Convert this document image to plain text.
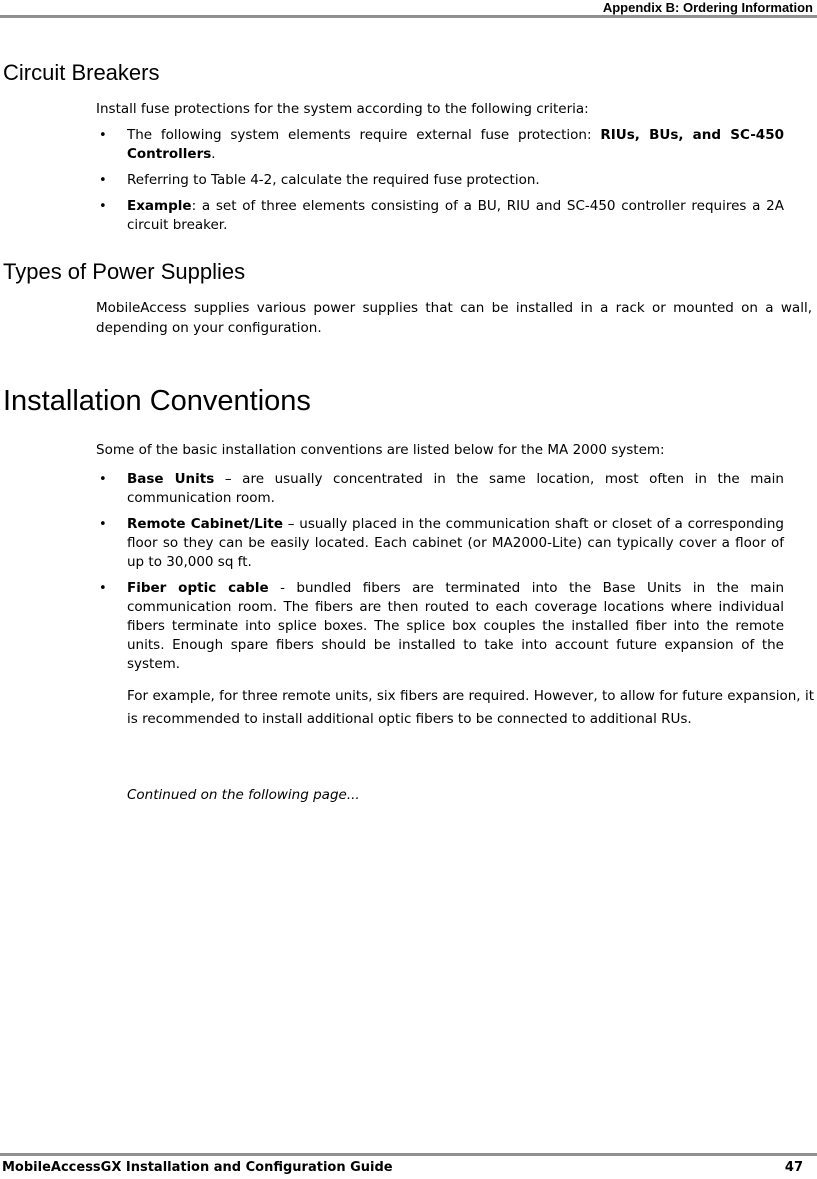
Appendix B: Ordering Information
Circuit Breakers

Install fuse protections for the system according to the following criteria:

• The following system elements require external fuse protection: RIUs, BUs, and SC-450 Controllers.
• Referring to Table 4-2, calculate the required fuse protection.
• Example: a set of three elements consisting of a BU, RIU and SC-450 controller requires a 2A circuit breaker.
Types of Power Supplies

MobileAccess supplies various power supplies that can be installed in a rack or mounted on a wall, depending on your configuration.

Installation Conventions

Some of the basic installation conventions are listed below for the MA 2000 system:

• Base Units – are usually concentrated in the same location, most often in the main communication room.
• Remote Cabinet/Lite – usually placed in the communication shaft or closet of a corresponding floor so they can be easily located. Each cabinet (or MA2000-Lite) can typically cover a floor of up to 30,000 sq ft.
• Fiber optic cable - bundled fibers are terminated into the Base Units in the main communication room. The fibers are then routed to each coverage locations where individual fibers terminate into splice boxes. The splice box couples the installed fiber into the remote units. Enough spare fibers should be installed to take into account future expansion of the system.

For example, for three remote units, six fibers are required. However, to allow for future expansion, it is recommended to install additional optic fibers to be connected to additional RUs.

Continued on the following page...
MobileAccessGX Installation and Configuration Guide	47
